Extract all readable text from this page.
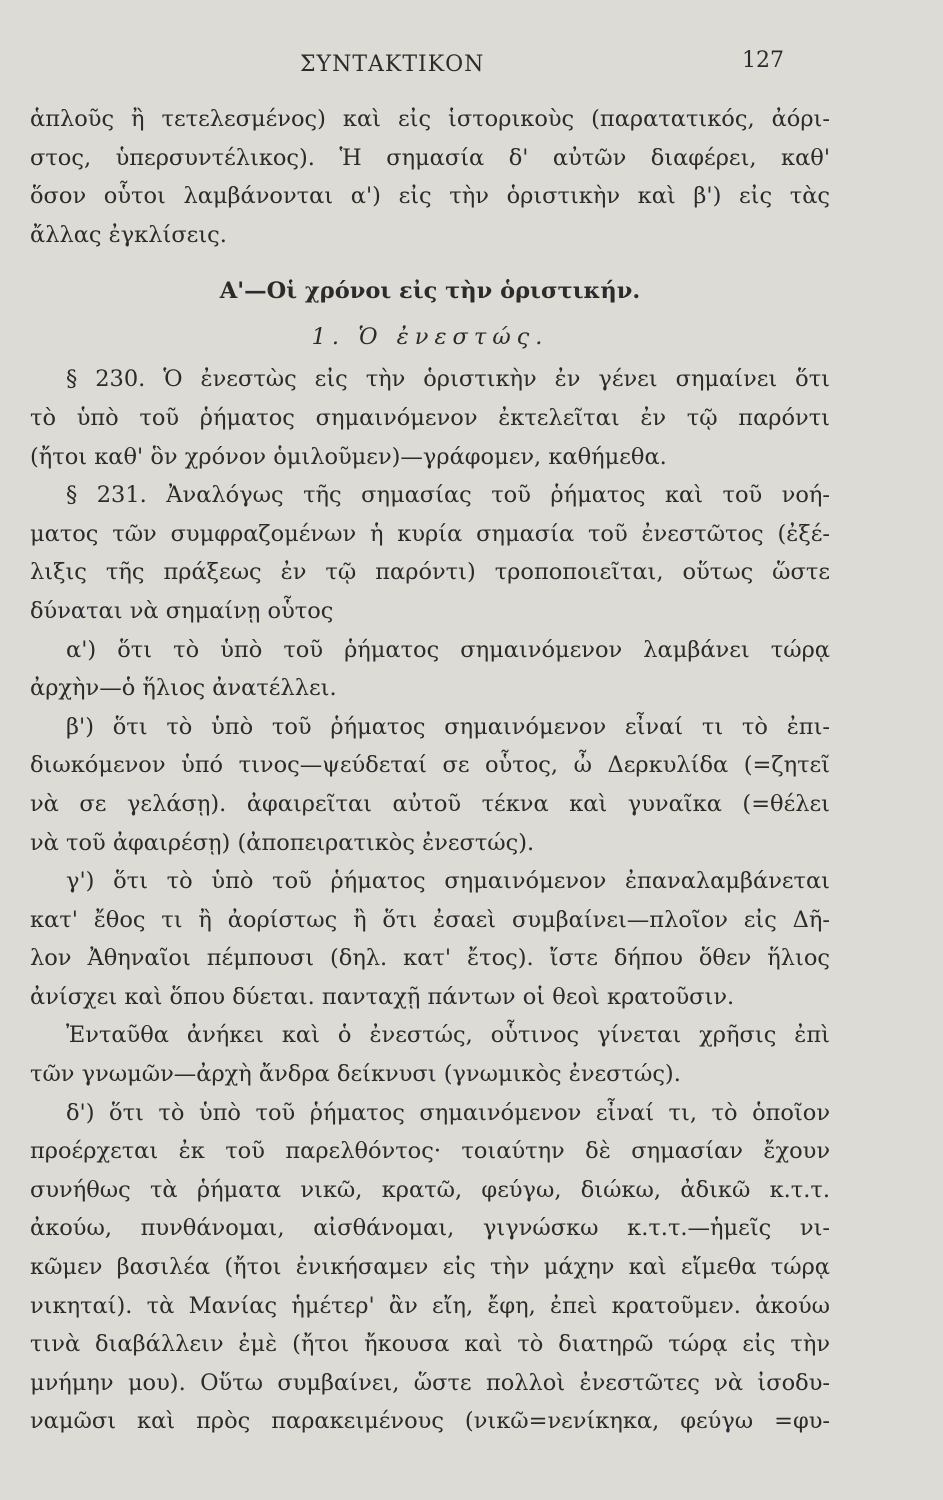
ΣΥΝΤΑΚΤΙΚΟΝ	127
ἁπλοῦς ἢ τετελεσμένος) καὶ εἰς ἱστορικοὺς (παρατατικός, ἀόρι-
στος, ὑπερσυντέλικος). Ἡ σημασία δ' αὐτῶν διαφέρει, καθ'
ὅσον οὗτοι λαμβάνονται α') εἰς τὴν ὁριστικὴν καὶ β') εἰς τὰς
ἄλλας ἐγκλίσεις.
Α'—Οἱ χρόνοι εἰς τὴν ὁριστικήν.
1. Ὁ ἐνεστώς.
§ 230. Ὁ ἐνεστὼς εἰς τὴν ὁριστικὴν ἐν γένει σημαίνει ὅτι
τὸ ὑπὸ τοῦ ῥήματος σημαινόμενον ἐκτελεῖται ἐν τῷ παρόντι
(ἤτοι καθ' ὃν χρόνον ὁμιλοῦμεν)—γράφομεν, καθήμεθα.
§ 231. Ἀναλόγως τῆς σημασίας τοῦ ῥήματος καὶ τοῦ νοή-
ματος τῶν συμφραζομένων ἡ κυρία σημασία τοῦ ἐνεστῶτος (ἐξέ-
λιξις τῆς πράξεως ἐν τῷ παρόντι) τροποποιεῖται, οὕτως ὥστε
δύναται νὰ σημαίνῃ οὗτος
α') ὅτι τὸ ὑπὸ τοῦ ῥήματος σημαινόμενον λαμβάνει τώρᾳ
ἀρχὴν—ὁ ἥλιος ἀνατέλλει.
β') ὅτι τὸ ὑπὸ τοῦ ῥήματος σημαινόμενον εἶναί τι τὸ ἐπι-
διωκόμενον ὑπό τινος—ψεύδεταί σε οὗτος, ὦ Δερκυλίδα (=ζητεῖ
νὰ σε γελάσῃ). ἀφαιρεῖται αὐτοῦ τέκνα καὶ γυναῖκα (=θέλει
νὰ τοῦ ἀφαιρέσῃ) (ἀποπειρατικὸς ἐνεστώς).
γ') ὅτι τὸ ὑπὸ τοῦ ῥήματος σημαινόμενον ἐπαναλαμβάνεται
κατ' ἔθος τι ἢ ἀορίστως ἢ ὅτι ἐσαεὶ συμβαίνει—πλοῖον εἰς Δῆ-
λον Ἀθηναῖοι πέμπουσι (δηλ. κατ' ἔτος). ἴστε δήπου ὅθεν ἥλιος
ἀνίσχει καὶ ὅπου δύεται. πανταχῇ πάντων οἱ θεοὶ κρατοῦσιν.
Ἐνταῦθα ἀνήκει καὶ ὁ ἐνεστώς, οὗτινος γίνεται χρῆσις ἐπὶ
τῶν γνωμῶν—ἀρχὴ ἄνδρα δείκνυσι (γνωμικὸς ἐνεστώς).
δ') ὅτι τὸ ὑπὸ τοῦ ῥήματος σημαινόμενον εἶναί τι, τὸ ὁποῖον
προέρχεται ἐκ τοῦ παρελθόντος· τοιαύτην δὲ σημασίαν ἔχουν
συνήθως τὰ ῥήματα νικῶ, κρατῶ, φεύγω, διώκω, ἀδικῶ κ.τ.τ.
ἀκούω, πυνθάνομαι, αἰσθάνομαι, γιγνώσκω κ.τ.τ.—ἡμεῖς νι-
κῶμεν βασιλέα (ἤτοι ἐνικήσαμεν εἰς τὴν μάχην καὶ εἴμεθα τώρᾳ
νικηταί). τὰ Μανίας ἡμέτερ' ἂν εἴη, ἔφη, ἐπεὶ κρατοῦμεν. ἀκούω
τινὰ διαβάλλειν ἐμὲ (ἤτοι ἤκουσα καὶ τὸ διατηρῶ τώρᾳ εἰς τὴν
μνήμην μου). Οὕτω συμβαίνει, ὥστε πολλοὶ ἐνεστῶτες νὰ ἰσοδυ-
ναμῶσι καὶ πρὸς παρακειμένους (νικῶ=νενίκηκα, φεύγω =φυ-
